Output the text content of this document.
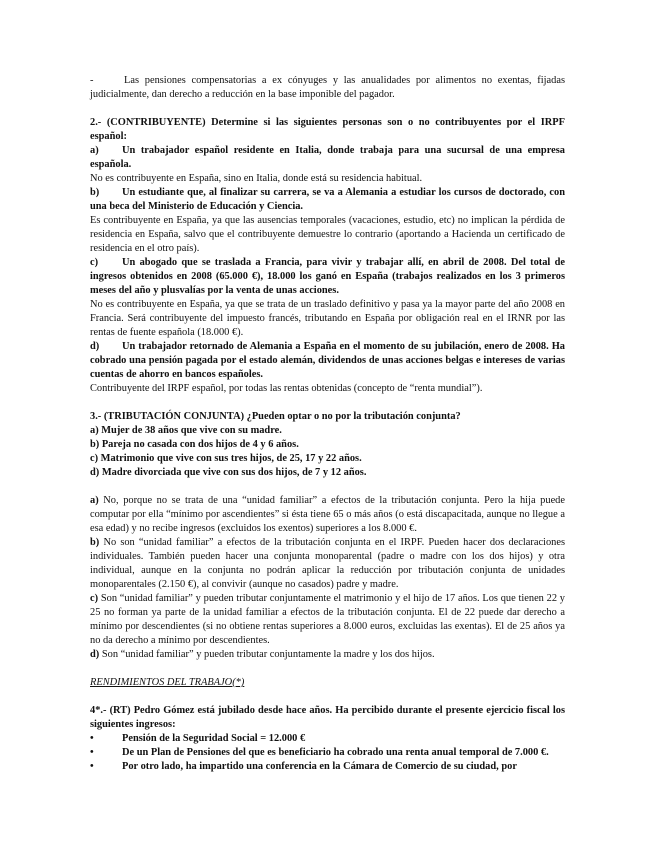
-	Las pensiones compensatorias a ex cónyuges y las anualidades por alimentos no exentas, fijadas judicialmente, dan derecho a reducción en la base imponible del pagador.

2.- (CONTRIBUYENTE) Determine si las siguientes personas son o no contribuyentes por el IRPF español:

a) Un trabajador español residente en Italia, donde trabaja para una sucursal de una empresa española.

No es contribuyente en España, sino en Italia, donde está su residencia habitual.

b) Un estudiante que, al finalizar su carrera, se va a Alemania a estudiar los cursos de doctorado, con una beca del Ministerio de Educación y Ciencia.

Es contribuyente en España, ya que las ausencias temporales (vacaciones, estudio, etc) no implican la pérdida de residencia en España, salvo que el contribuyente demuestre lo contrario (aportando a Hacienda un certificado de residencia en el otro país).

c) Un abogado que se traslada a Francia, para vivir y trabajar allí, en abril de 2008. Del total de ingresos obtenidos en 2008 (65.000 €), 18.000 los ganó en España (trabajos realizados en los 3 primeros meses del año y plusvalías por la venta de unas acciones.

No es contribuyente en España, ya que se trata de un traslado definitivo y pasa ya la mayor parte del año 2008 en Francia. Será contribuyente del impuesto francés, tributando en España por obligación real en el IRNR por las rentas de fuente española (18.000 €).

d) Un trabajador retornado de Alemania a España en el momento de su jubilación, enero de 2008. Ha cobrado una pensión pagada por el estado alemán, dividendos de unas acciones belgas e intereses de varias cuentas de ahorro en bancos españoles.

Contribuyente del IRPF español, por todas las rentas obtenidas (concepto de “renta mundial”).

3.- (TRIBUTACIÓN CONJUNTA) ¿Pueden optar o no por la tributación conjunta?

a) Mujer de 38 años que vive con su madre.

b) Pareja no casada con dos hijos de 4 y 6 años.

c) Matrimonio que vive con sus tres hijos, de 25, 17 y 22 años.

d) Madre divorciada que vive con sus dos hijos, de 7 y 12 años.

a) No, porque no se trata de una “unidad familiar” a efectos de la tributación conjunta. Pero la hija puede computar por ella “mínimo por ascendientes” si ésta tiene 65 o más años (o está discapacitada, aunque no llegue a esa edad) y no recibe ingresos (excluidos los exentos) superiores a los 8.000 €.

b) No son “unidad familiar” a efectos de la tributación conjunta en el IRPF. Pueden hacer dos declaraciones individuales. También pueden hacer una conjunta monoparental (padre o madre con los dos hijos) y otra individual, aunque en la conjunta no podrán aplicar la reducción por tributación conjunta de unidades monoparentales (2.150 €), al convivir (aunque no casados) padre y madre.

c) Son “unidad familiar” y pueden tributar conjuntamente el matrimonio y el hijo de 17 años. Los que tienen 22 y 25 no forman ya parte de la unidad familiar a efectos de la tributación conjunta. El de 22 puede dar derecho a mínimo por descendientes (si no obtiene rentas superiores a 8.000 euros, excluidas las exentas). El de 25 años ya no da derecho a mínimo por descendientes.

d) Son “unidad familiar” y pueden tributar conjuntamente la madre y los dos hijos.

RENDIMIENTOS DEL TRABAJO(*)

4*.- (RT) Pedro Gómez está jubilado desde hace años. Ha percibido durante el presente ejercicio fiscal los siguientes ingresos:

•	Pensión de la Seguridad Social = 12.000 €

•	De un Plan de Pensiones del que es beneficiario ha cobrado una renta anual temporal de 7.000 €.

•	Por otro lado, ha impartido una conferencia en la Cámara de Comercio de su ciudad, por
